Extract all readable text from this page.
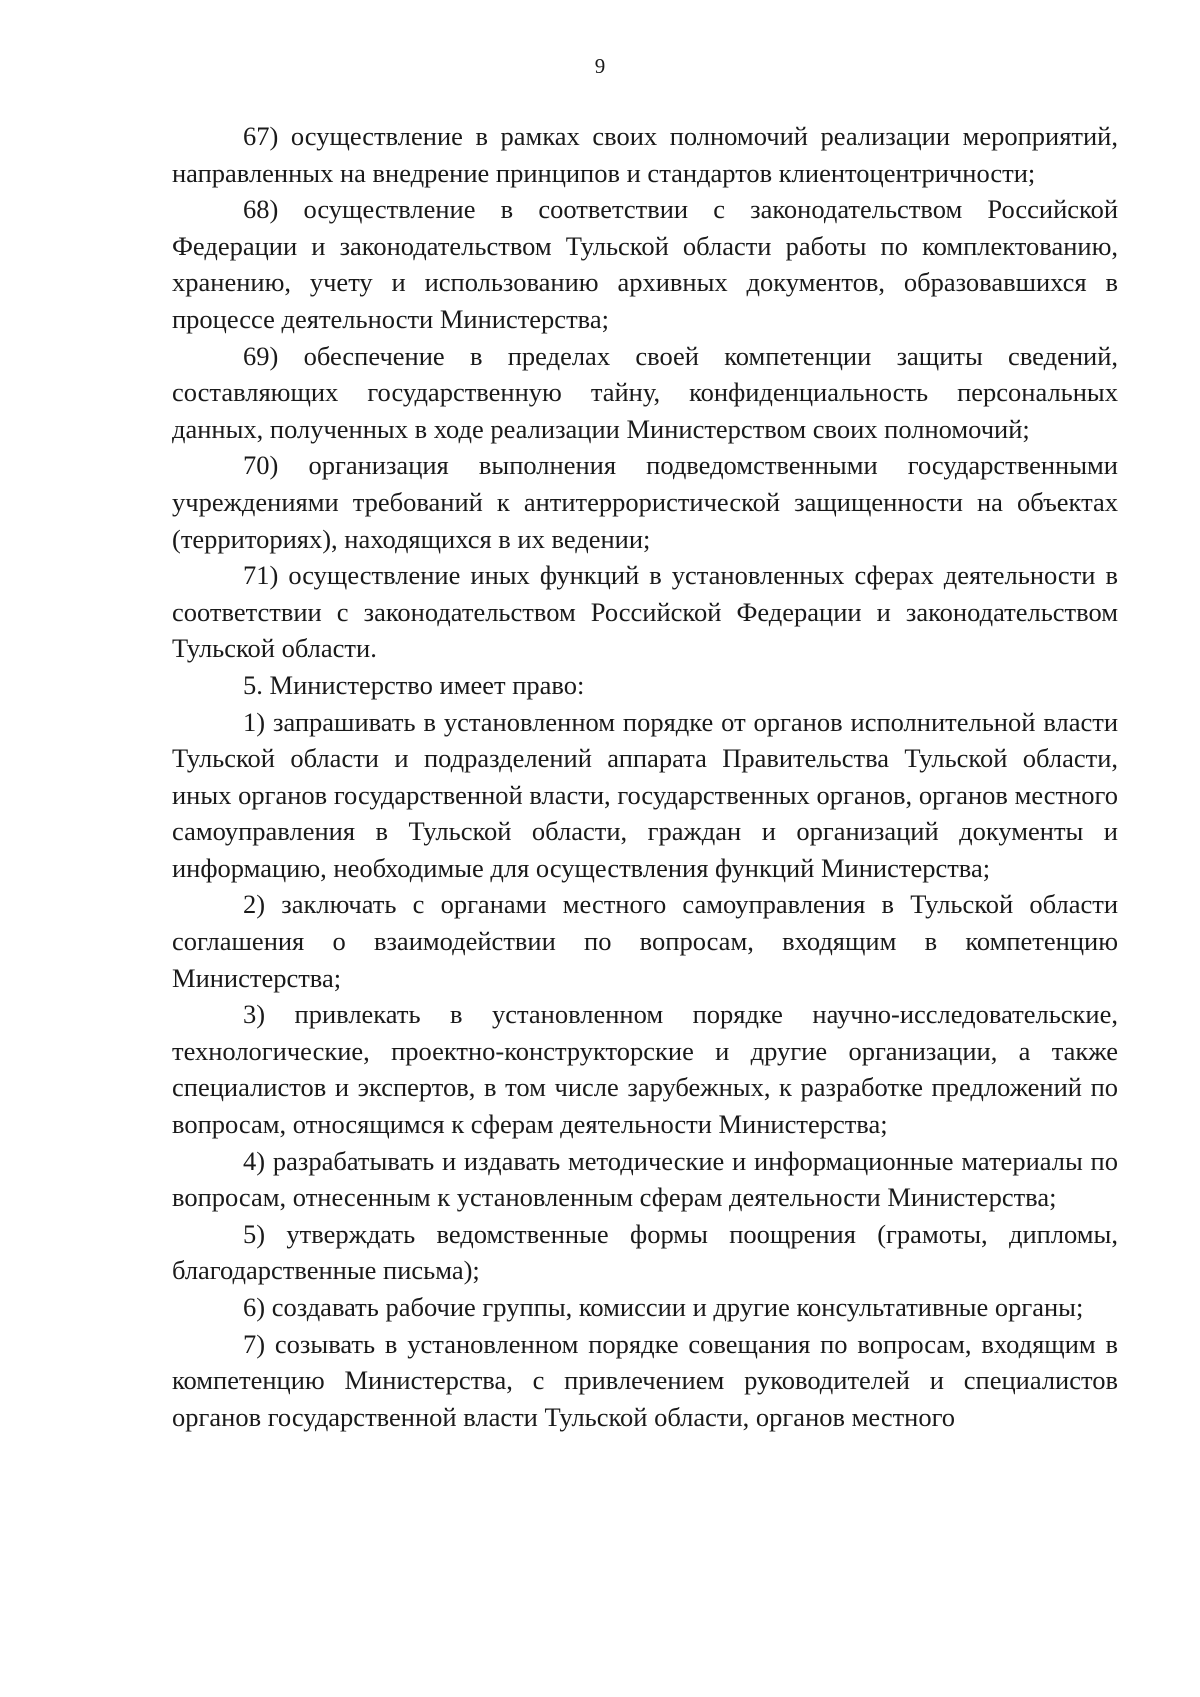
9

67) осуществление в рамках своих полномочий реализации мероприятий, направленных на внедрение принципов и стандартов клиентоцентричности;

68) осуществление в соответствии с законодательством Российской Федерации и законодательством Тульской области работы по комплектованию, хранению, учету и использованию архивных документов, образовавшихся в процессе деятельности Министерства;

69) обеспечение в пределах своей компетенции защиты сведений, составляющих государственную тайну, конфиденциальность персональных данных, полученных в ходе реализации Министерством своих полномочий;

70) организация выполнения подведомственными государственными учреждениями требований к антитеррористической защищенности на объектах (территориях), находящихся в их ведении;

71) осуществление иных функций в установленных сферах деятельности в соответствии с законодательством Российской Федерации и законодательством Тульской области.

5. Министерство имеет право:

1) запрашивать в установленном порядке от органов исполнительной власти Тульской области и подразделений аппарата Правительства Тульской области, иных органов государственной власти, государственных органов, органов местного самоуправления в Тульской области, граждан и организаций документы и информацию, необходимые для осуществления функций Министерства;

2) заключать с органами местного самоуправления в Тульской области соглашения о взаимодействии по вопросам, входящим в компетенцию Министерства;

3) привлекать в установленном порядке научно-исследовательские, технологические, проектно-конструкторские и другие организации, а также специалистов и экспертов, в том числе зарубежных, к разработке предложений по вопросам, относящимся к сферам деятельности Министерства;

4) разрабатывать и издавать методические и информационные материалы по вопросам, отнесенным к установленным сферам деятельности Министерства;

5) утверждать ведомственные формы поощрения (грамоты, дипломы, благодарственные письма);

6) создавать рабочие группы, комиссии и другие консультативные органы;

7) созывать в установленном порядке совещания по вопросам, входящим в компетенцию Министерства, с привлечением руководителей и специалистов органов государственной власти Тульской области, органов местного
